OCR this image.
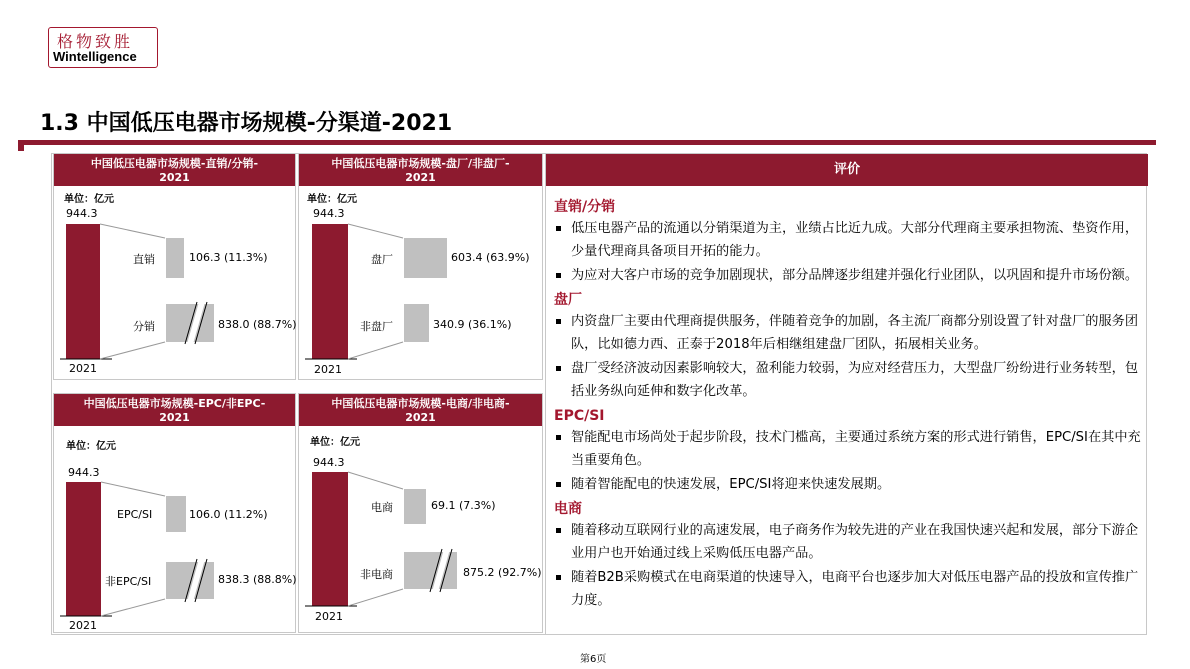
格物致胜
Wintelligence
1.3 中国低压电器市场规模-分渠道-2021
中国低压电器市场规模-直销/分销-
2021
中国低压电器市场规模-盘厂/非盘厂-
2021
中国低压电器市场规模-EPC/非EPC-
2021
中国低压电器市场规模-电商/非电商-
2021
单位：亿元
944.3
直销	106.3 (11.3%)
分销	838.0 (88.7%)
2021
单位：亿元
944.3
盘厂	603.4 (63.9%)
非盘厂	340.9 (36.1%)
2021
单位：亿元
944.3
EPC/SI	106.0 (11.2%)
非EPC/SI	838.3 (88.8%)
2021
单位：亿元
944.3
电商	69.1 (7.3%)
非电商	875.2 (92.7%)
2021
评价
直销/分销
低压电器产品的流通以分销渠道为主，业绩占比近九成。大部分代理商主要承担物流、垫资作用，少量代理商具备项目开拓的能力。
为应对大客户市场的竞争加剧现状，部分品牌逐步组建并强化行业团队，以巩固和提升市场份额。
盘厂
内资盘厂主要由代理商提供服务，伴随着竞争的加剧，各主流厂商都分别设置了针对盘厂的服务团队，比如德力西、正泰于2018年后相继组建盘厂团队，拓展相关业务。
盘厂受经济波动因素影响较大，盈利能力较弱，为应对经营压力，大型盘厂纷纷进行业务转型，包括业务纵向延伸和数字化改革。
EPC/SI
智能配电市场尚处于起步阶段，技术门槛高，主要通过系统方案的形式进行销售，EPC/SI在其中充当重要角色。
随着智能配电的快速发展，EPC/SI将迎来快速发展期。
电商
随着移动互联网行业的高速发展，电子商务作为较先进的产业在我国快速兴起和发展，部分下游企业用户也开始通过线上采购低压电器产品。
随着B2B采购模式在电商渠道的快速导入，电商平台也逐步加大对低压电器产品的投放和宣传推广力度。
第6页
